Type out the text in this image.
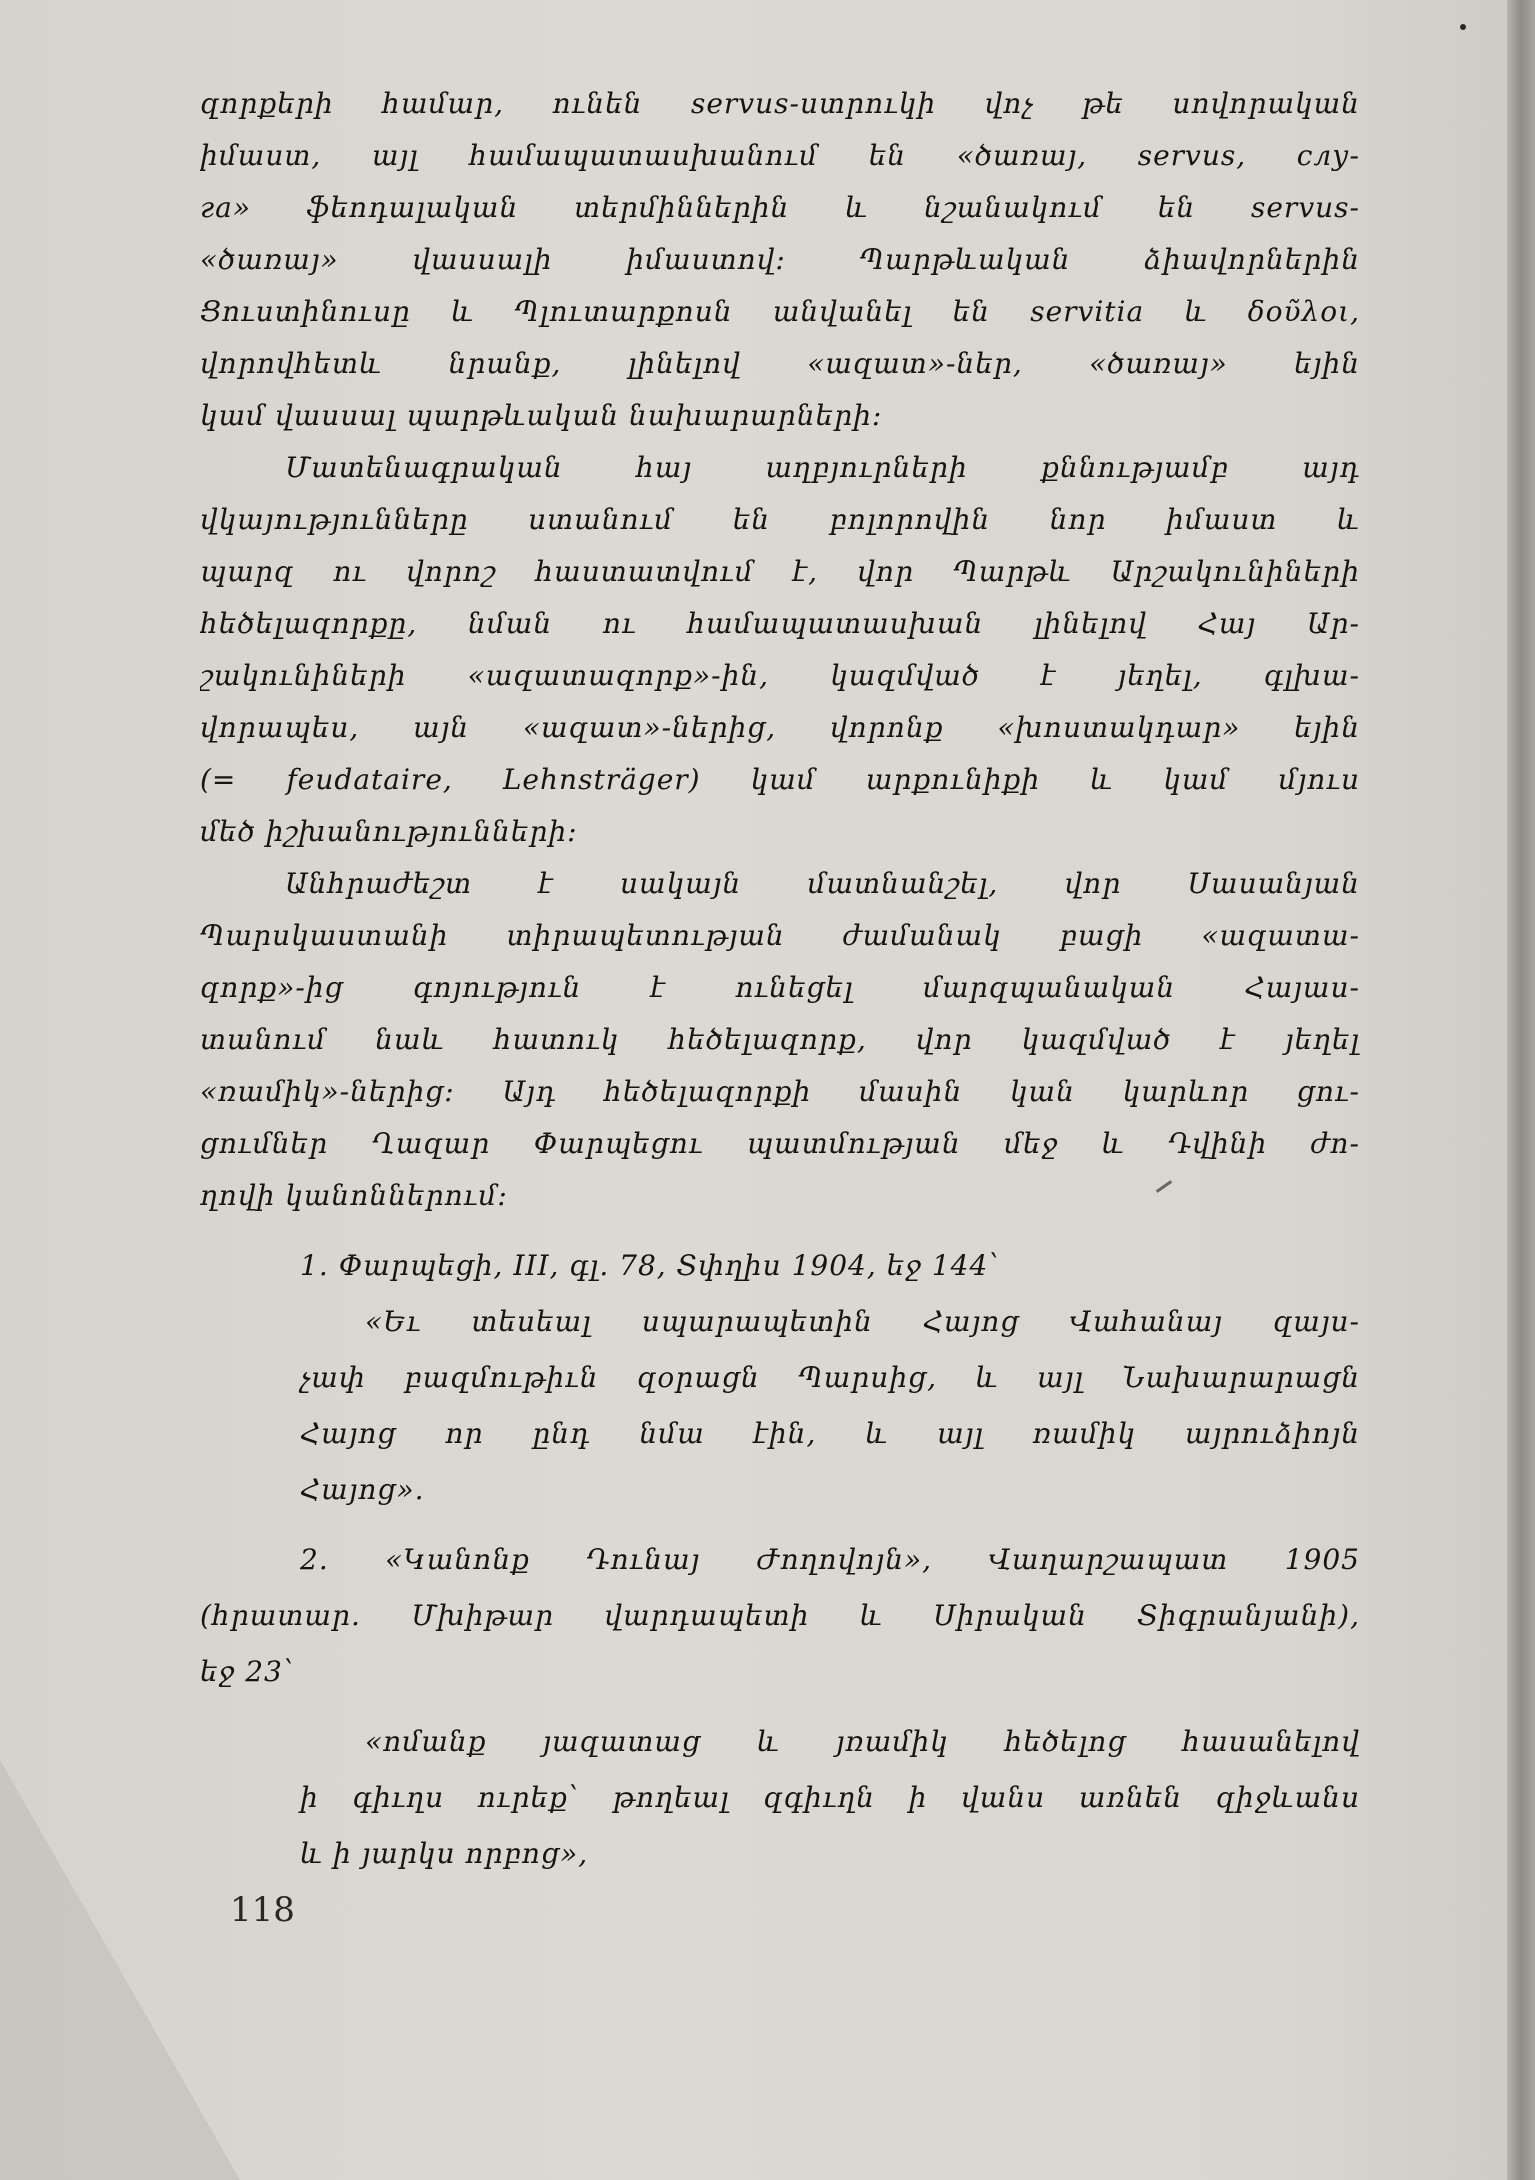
զորքերի համար, ունեն servus-ստրուկի վոչ թե սովորական
իմաստ, այլ համապատասխանում են «ծառայ, servus, слу-
га» ֆեոդալական տերմիններին և նշանակում են servus-
«ծառայ» վասսալի իմաստով։ Պարթևական ձիավորներին
Ցուստինուսը և Պլուտարքոսն անվանել են servitia և δοῦλοι,
վորովհետև նրանք, լինելով «ազատ»-ներ, «ծառայ» եյին
կամ վասսալ պարթևական նախարարների։
Մատենագրական հայ աղբյուրների քննությամբ այդ
վկայությունները ստանում են բոլորովին նոր իմաստ և
պարզ ու վորոշ հաստատվում է, վոր Պարթև Արշակունիների
հեծելազորքը, նման ու համապատասխան լինելով Հայ Ար-
շակունիների «ազատազորք»-ին, կազմված է յեղել, գլխա-
վորապես, այն «ազատ»-ներից, վորոնք «խոստակդար» եյին
(= feudataire, Lehnsträger) կամ արքունիքի և կամ մյուս
մեծ իշխանությունների։
Անհրաժեշտ է սակայն մատնանշել, վոր Սասանյան
Պարսկաստանի տիրապետության ժամանակ բացի «ազատա-
զորք»-ից գոյություն է ունեցել մարզպանական Հայաս-
տանում նաև հատուկ հեծելազորք, վոր կազմված է յեղել
«ռամիկ»-ներից։ Այդ հեծելազորքի մասին կան կարևոր ցու-
ցումներ Ղազար Փարպեցու պատմության մեջ և Դվինի ժո-
ղովի կանոններում։
1. Փարպեցի, III, գլ. 78, Տփղիս 1904, եջ 144՝
«Եւ տեսեալ սպարապետին Հայոց Վահանայ զայս-
չափ բազմութիւն զօրացն Պարսից, և այլ Նախարարացն
Հայոց որ ընդ նմա էին, և այլ ռամիկ այրուձիոյն
Հայոց».
2. «Կանոնք Դունայ Ժողովոյն», Վաղարշապատ 1905
(հրատար. Մխիթար վարդապետի և Սիրական Տիգրանյանի),
եջ 23՝
«ոմանք յազատաց և յռամիկ հեծելոց հասանելով
ի գիւղս ուրեք՝ թողեալ զգիւղն ի վանս առնեն զիջևանս
և ի յարկս որբոց»,
118
